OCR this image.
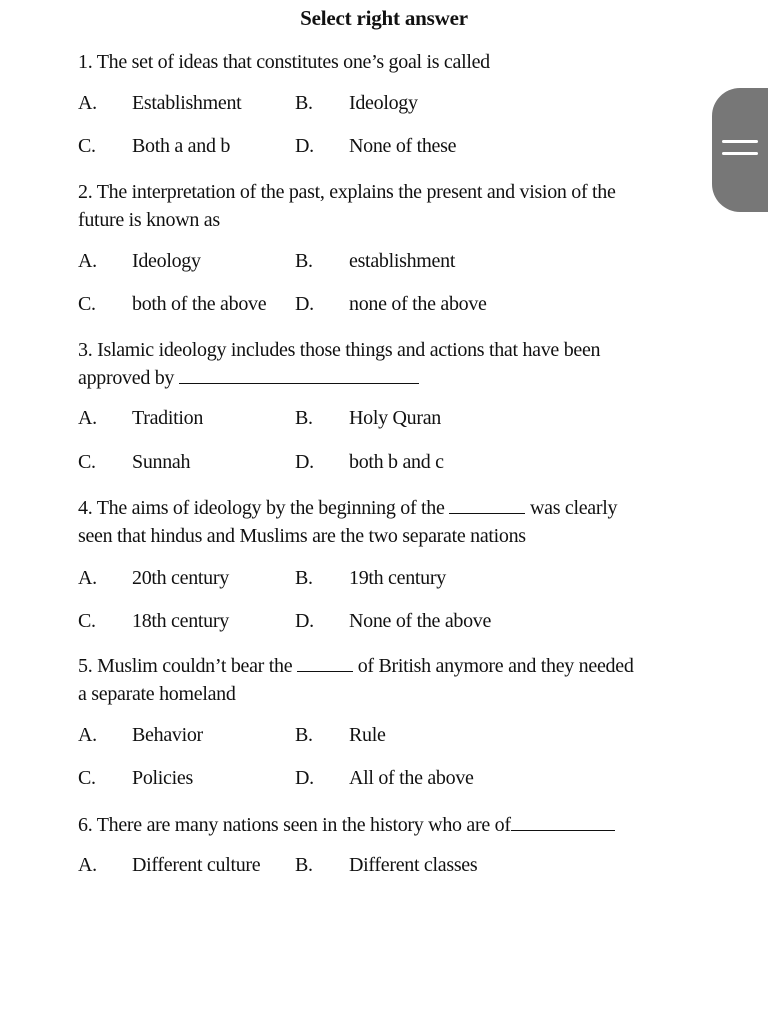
Select right answer
1. The set of ideas that constitutes one’s goal is called
A. Establishment	B. Ideology
C. Both a and b	D. None of these
2. The interpretation of the past, explains the present and vision of the
future is known as
A. Ideology	B. establishment
C. both of the above D. none of the above
3. Islamic ideology includes those things and actions that have been
approved by
A. Tradition	B. Holy Quran
C. Sunnah	D. both b and c
4. The aims of ideology by the beginning of the	was clearly
seen that hindus and Muslims are the two separate nations
A. 20th century	B. 19th century
C. 18th century	D. None of the above
5. Muslim couldn’t bear the	of British anymore and they needed
a separate homeland
A. Behavior	B. Rule
C. Policies	D. All of the above
6. There are many nations seen in the history who are of
A. Different culture B. Different classes
